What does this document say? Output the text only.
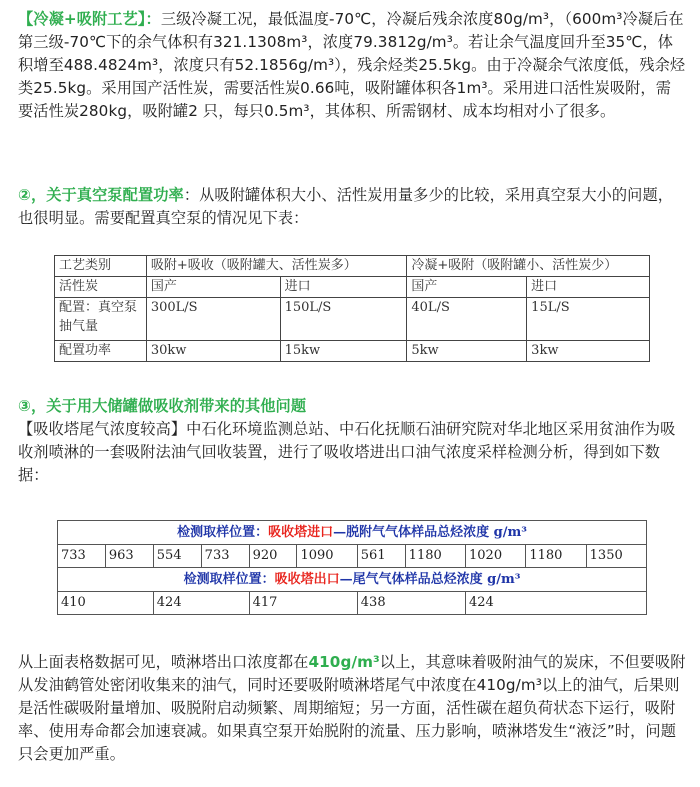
【冷凝+吸附工艺】：三级冷凝工况，最低温度-70℃，冷凝后残余浓度80g/m³，（600m³冷凝后在第三级-70℃下的余气体积有321.1308m³，浓度79.3812g/m³。若让余气温度回升至35℃，体积增至488.4824m³，浓度只有52.1856g/m³），残余烃类25.5kg。由于冷凝余气浓度低，残余烃类25.5kg。采用国产活性炭，需要活性炭0.66吨，吸附罐体积各1m³。采用进口活性炭吸附，需要活性炭280kg，吸附罐2 只，每只0.5m³，其体积、所需钢材、成本均相对小了很多。
②，关于真空泵配置功率：从吸附罐体积大小、活性炭用量多少的比较，采用真空泵大小的问题，也很明显。需要配置真空泵的情况见下表：
工艺类别	吸附+吸收（吸附罐大、活性炭多）		冷凝+吸附（吸附罐小、活性炭少）	
活性炭	国产	进口	国产	进口
配置：真空泵抽气量	300L/S	150L/S	40L/S	15L/S
配置功率	30kw	15kw	5kw	3kw
③，关于用大储罐做吸收剂带来的其他问题
【吸收塔尾气浓度较高】中石化环境监测总站、中石化抚顺石油研究院对华北地区采用贫油作为吸收剂喷淋的一套吸附法油气回收装置，进行了吸收塔进出口油气浓度采样检测分析，得到如下数据：
检测取样位置：吸收塔进口—脱附气气体样品总烃浓度 g/m³										
733	963	554	733	920	1090	561	1180	1020	1180	1350
检测取样位置：吸收塔出口—尾气气体样品总烃浓度 g/m³										
410		424		417		438		424		
从上面表格数据可见，喷淋塔出口浓度都在410g/m³以上，其意味着吸附油气的炭床，不但要吸附从发油鹤管处密闭收集来的油气，同时还要吸附喷淋塔尾气中浓度在410g/m³以上的油气，后果则是活性碳吸附量增加、吸脱附启动频繁、周期缩短；另一方面，活性碳在超负荷状态下运行，吸附率、使用寿命都会加速衰减。如果真空泵开始脱附的流量、压力影响，喷淋塔发生“液泛”时，问题只会更加严重。
